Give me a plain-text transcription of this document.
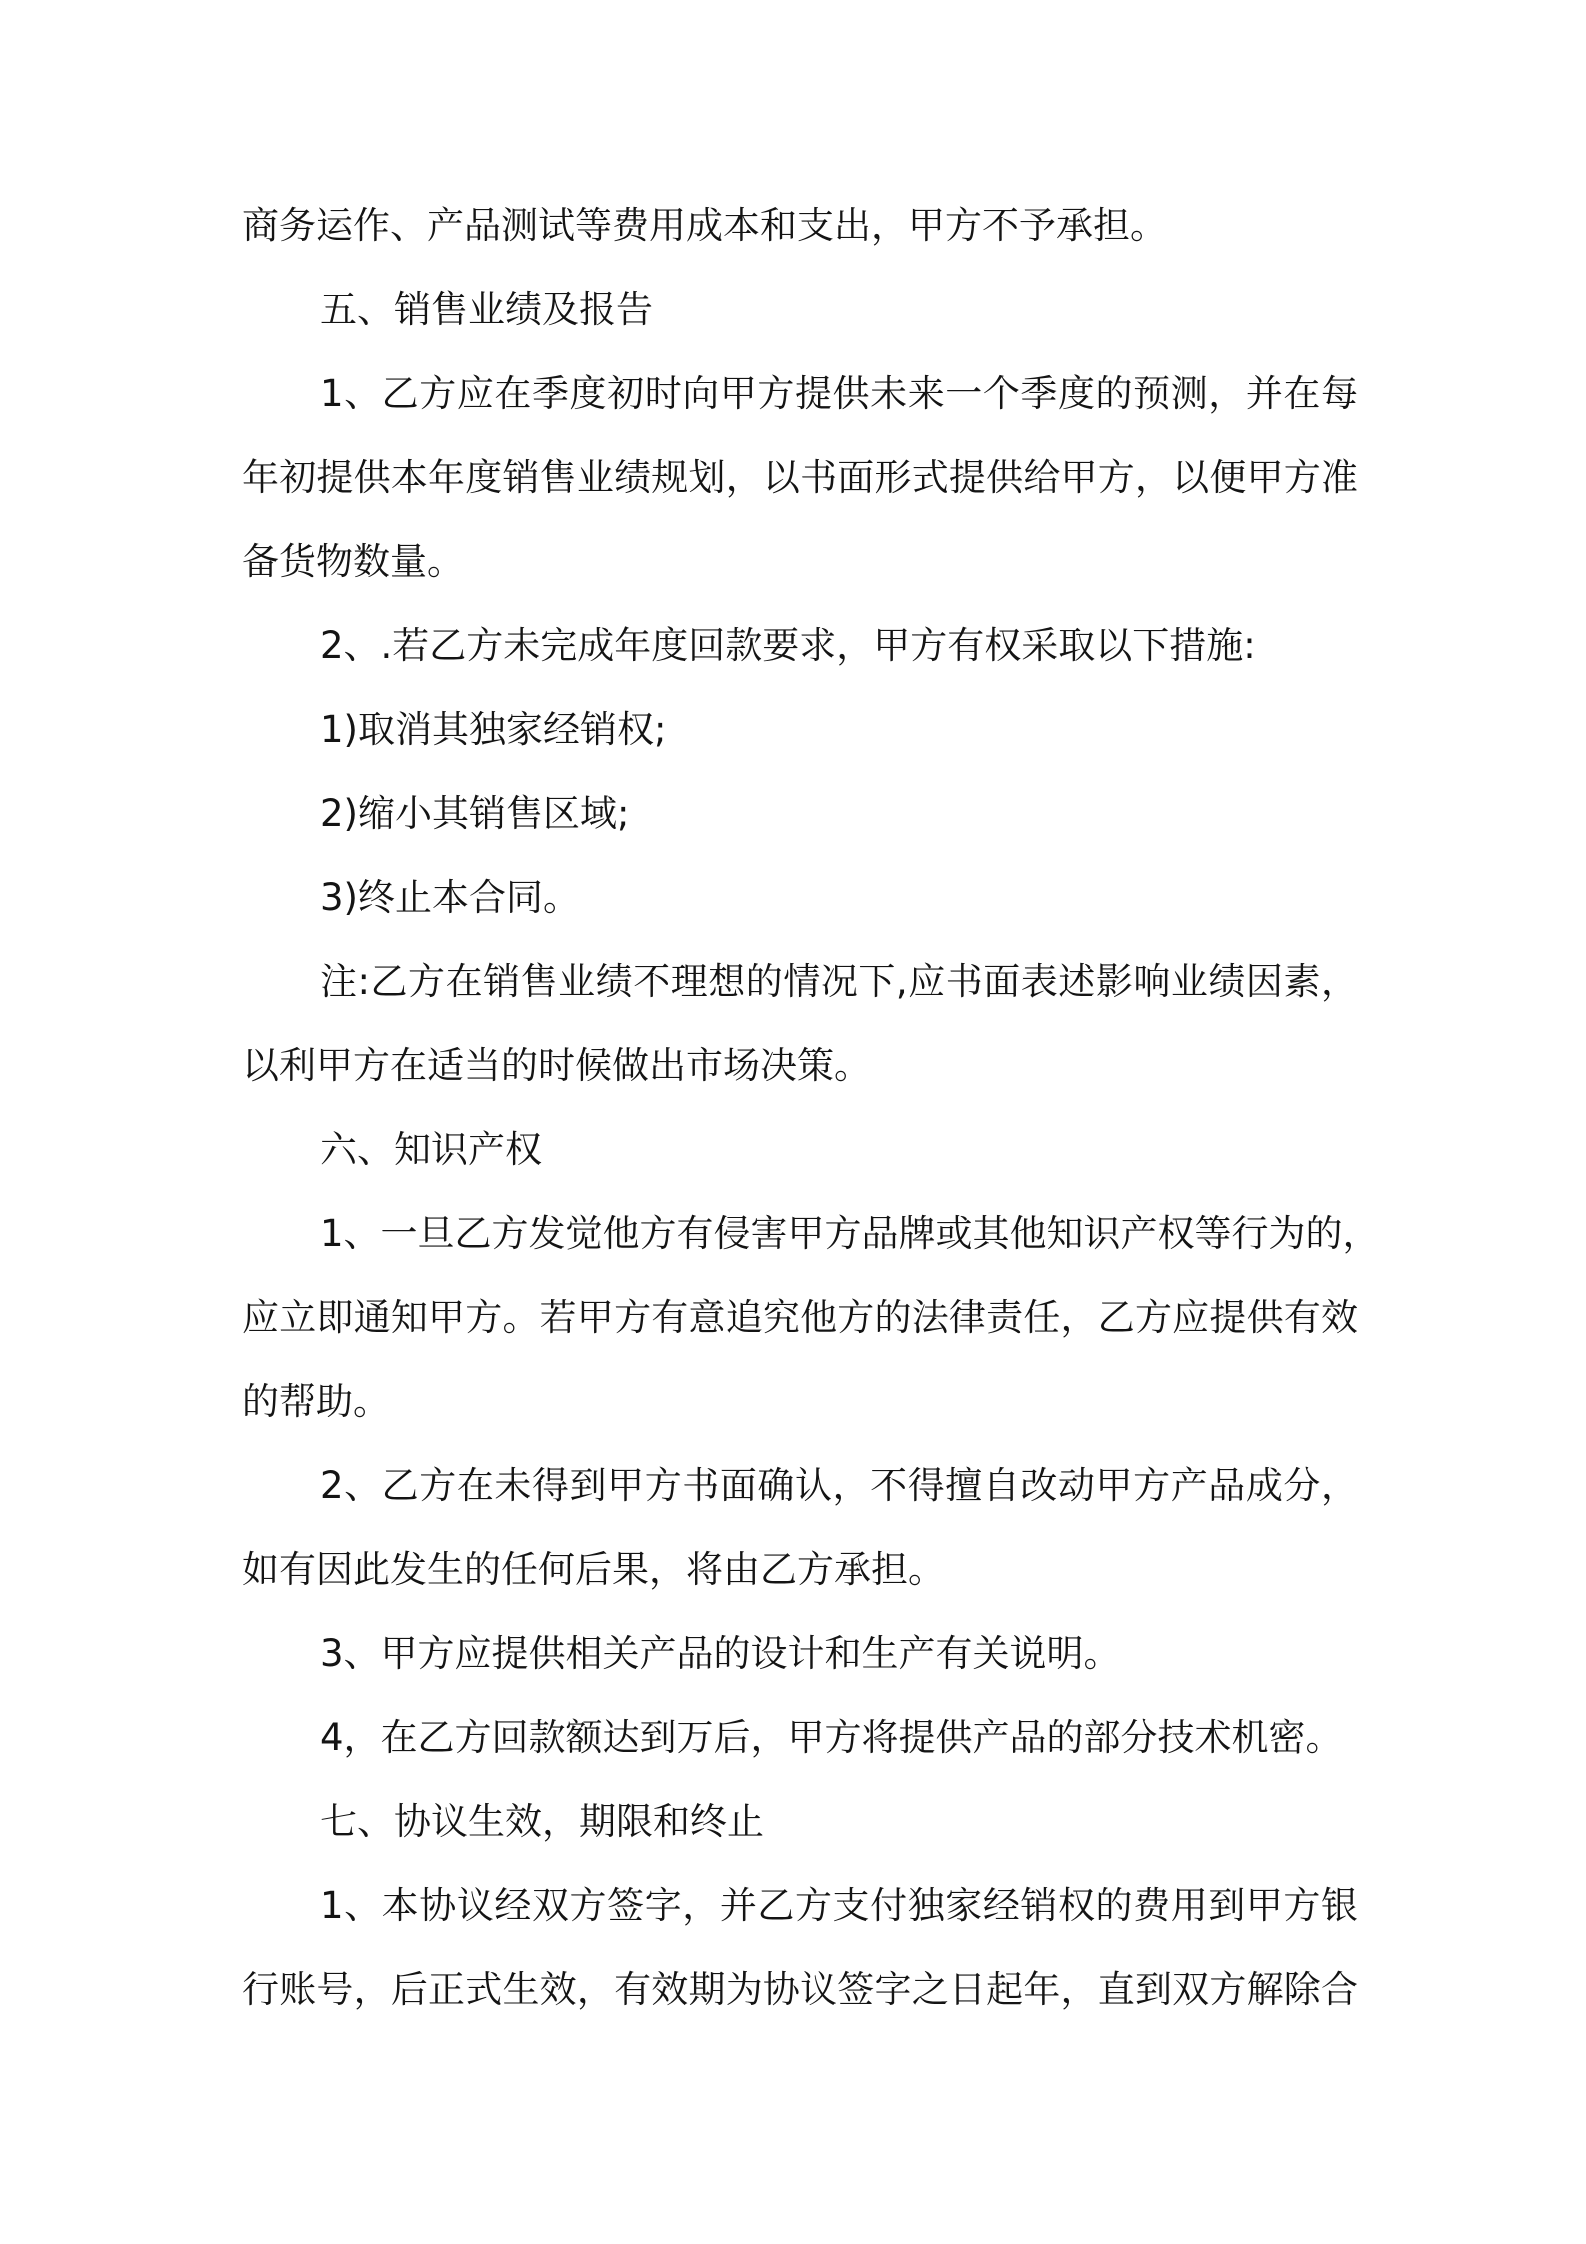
商务运作、产品测试等费用成本和支出，甲方不予承担。
五、销售业绩及报告
1、乙方应在季度初时向甲方提供未来一个季度的预测，并在每
年初提供本年度销售业绩规划，以书面形式提供给甲方，以便甲方准
备货物数量。
2、.若乙方未完成年度回款要求，甲方有权采取以下措施:
1)取消其独家经销权;
2)缩小其销售区域;
3)终止本合同。
注:乙方在销售业绩不理想的情况下,应书面表述影响业绩因素，
以利甲方在适当的时候做出市场决策。
六、知识产权
1、一旦乙方发觉他方有侵害甲方品牌或其他知识产权等行为的，
应立即通知甲方。若甲方有意追究他方的法律责任，乙方应提供有效
的帮助。
2、乙方在未得到甲方书面确认，不得擅自改动甲方产品成分，
如有因此发生的任何后果，将由乙方承担。
3、甲方应提供相关产品的设计和生产有关说明。
4，在乙方回款额达到万后，甲方将提供产品的部分技术机密。
七、协议生效，期限和终止
1、本协议经双方签字，并乙方支付独家经销权的费用到甲方银
行账号，后正式生效，有效期为协议签字之日起年，直到双方解除合
